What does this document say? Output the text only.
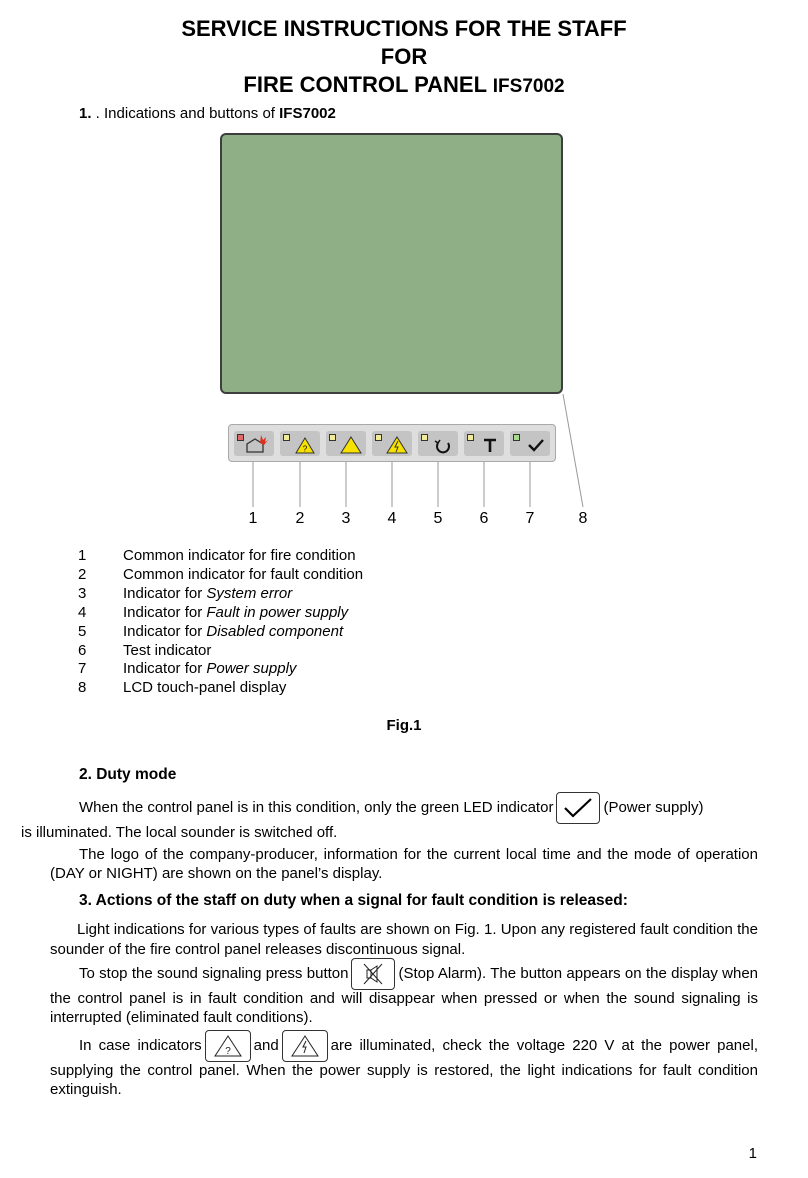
SERVICE INSTRUCTIONS FOR THE STAFF
FOR
FIRE CONTROL PANEL IFS7002
1. . Indications and buttons of IFS7002
?
1	2	3	4	5	6	7	8
1 Common indicator for fire condition
2 Common indicator for fault condition
3 Indicator for System error
4 Indicator for Fault in power supply
5 Indicator for Disabled component
6 Test indicator
7 Indicator for Power supply
8 LCD touch-panel display
Fig.1
2. Duty mode
When the control panel is in this condition, only the green LED indicator	(Power supply)
is illuminated. The local sounder is switched off.
The logo of the company-producer, information for the current local time and the mode of operation (DAY or NIGHT) are shown on the panel’s display.
3. Actions of the staff on duty when a signal for fault condition is released:
Light indications for various types of faults are shown on Fig. 1. Upon any registered fault condition the sounder of the fire control panel releases discontinuous signal.
To stop the sound signaling press button	(Stop Alarm). The button appears on the display when the control panel is in fault condition and will disappear when pressed or when the sound signaling is interrupted (eliminated fault conditions).
In case indicators ? and	are illuminated, check the voltage 220 V at the power panel, supplying the control panel. When the power supply is restored, the light indications for fault condition extinguish.
1
